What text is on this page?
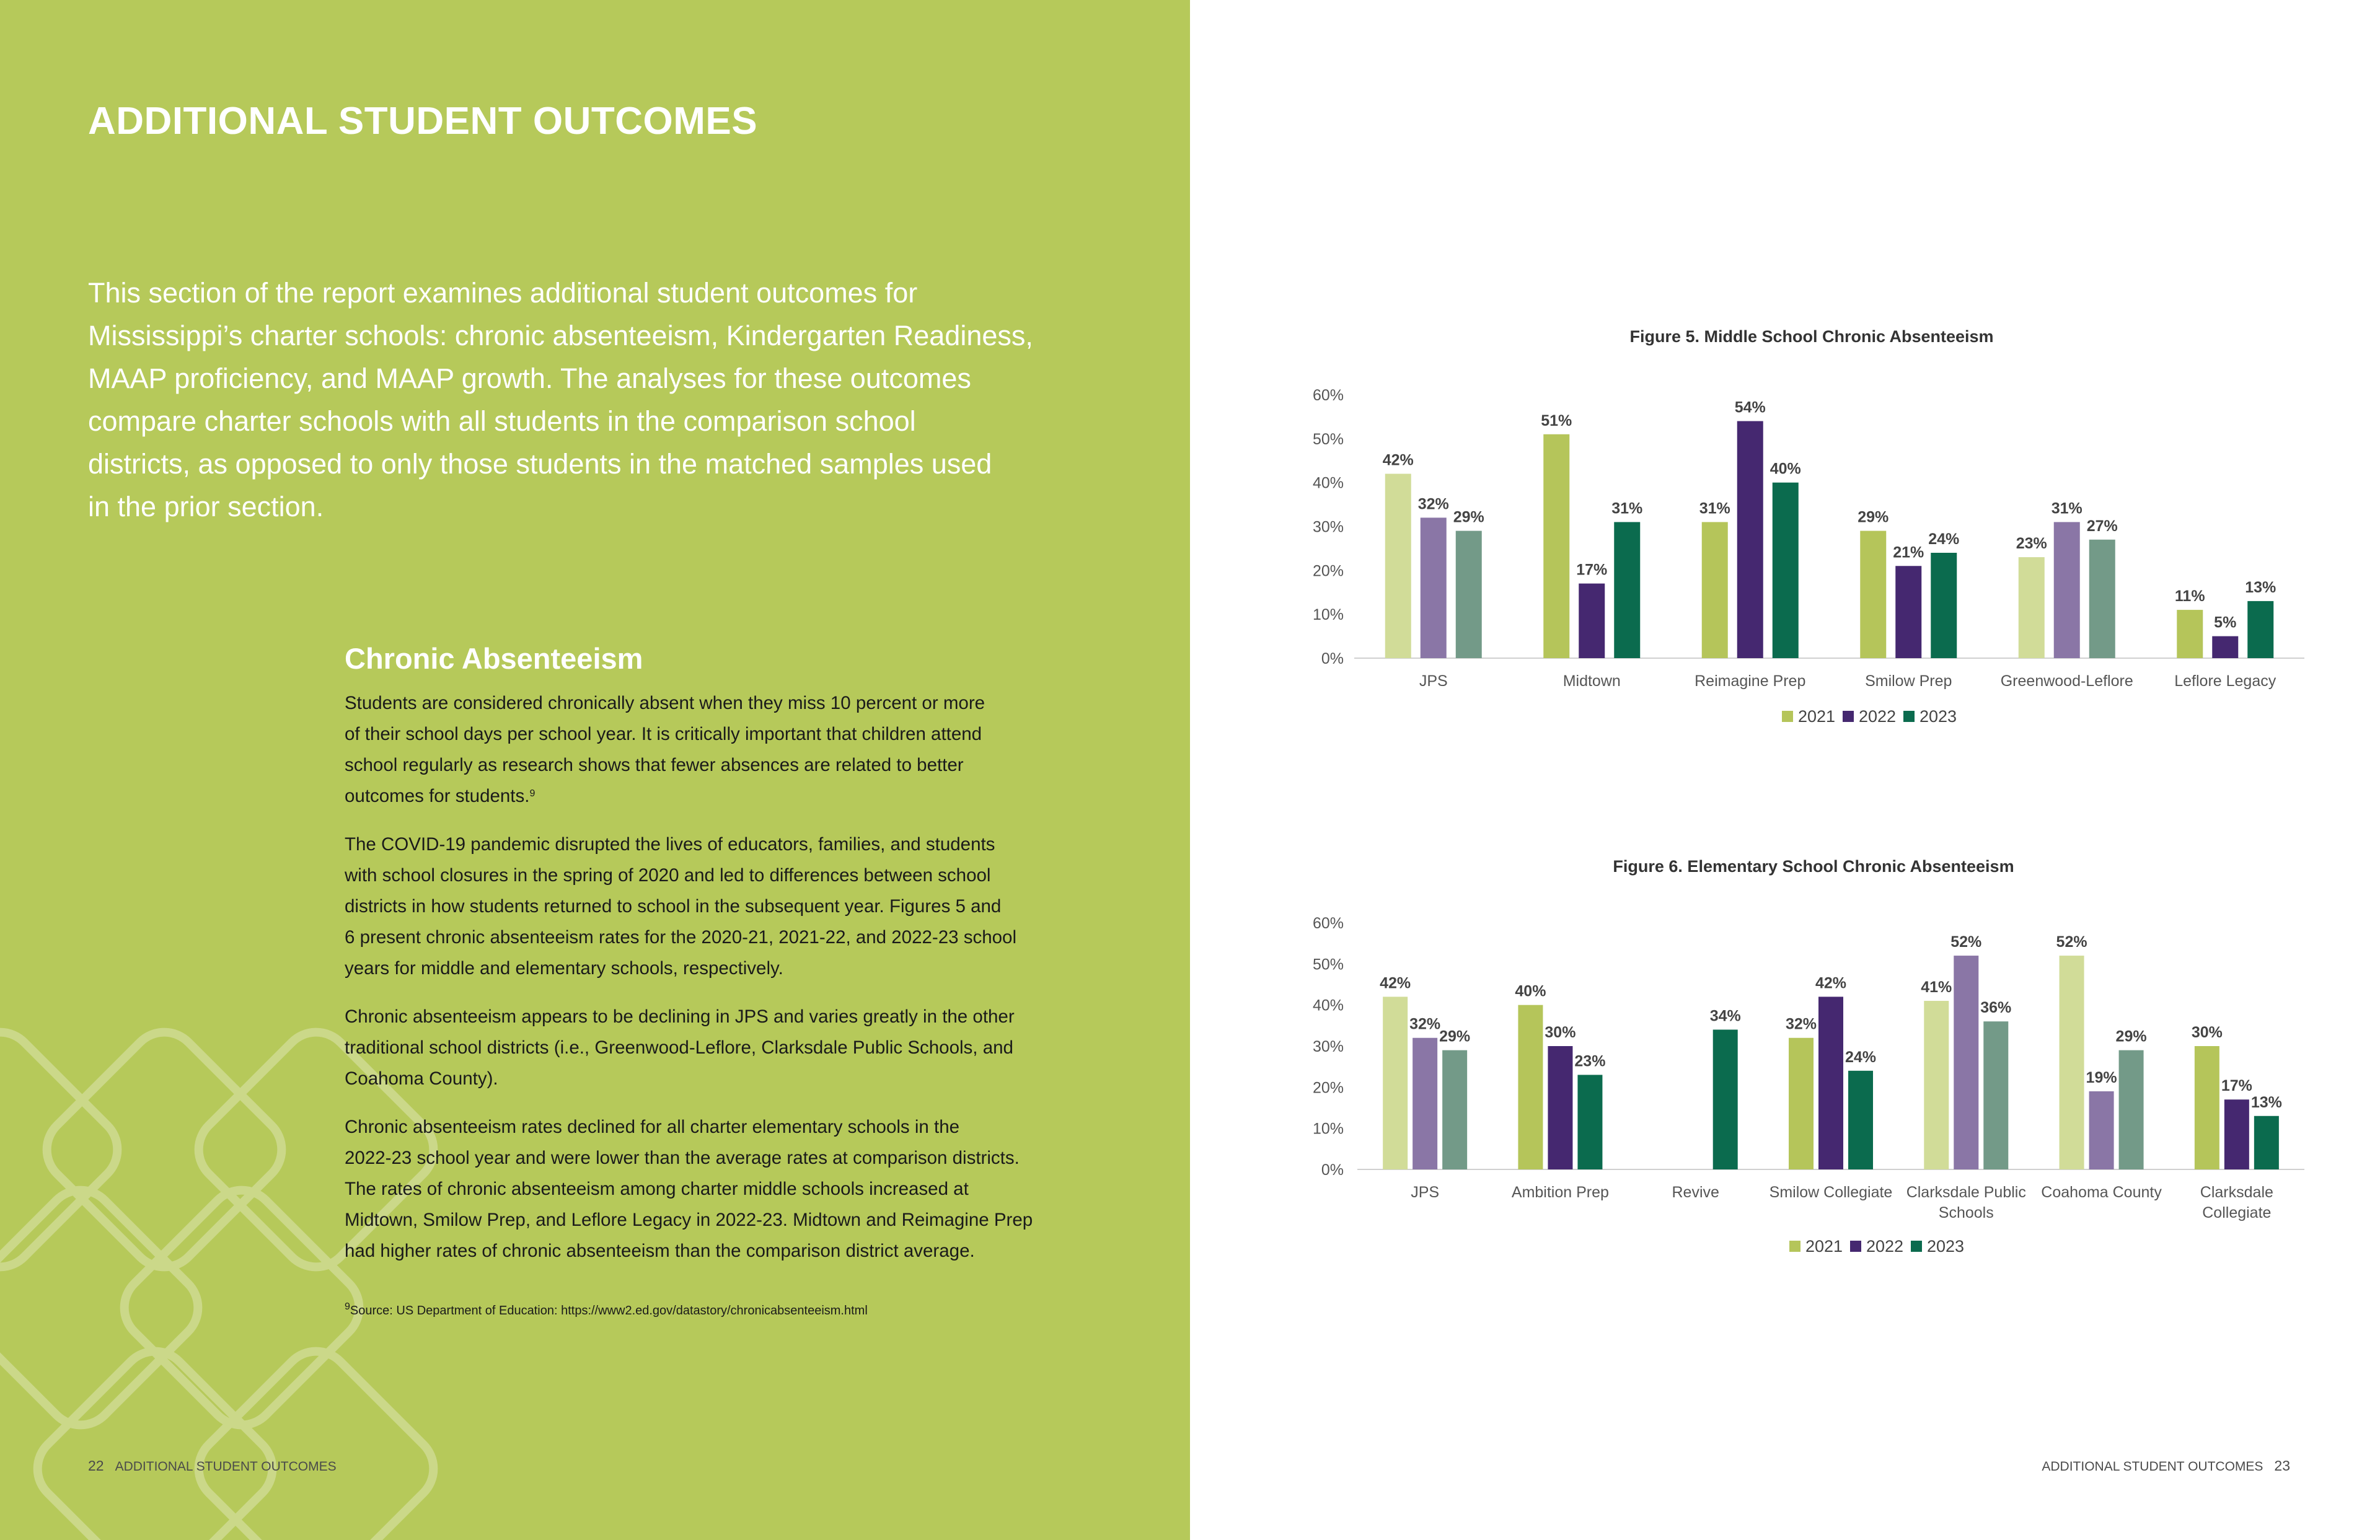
ADDITIONAL STUDENT OUTCOMES

This section of the report examines additional student outcomes for
Mississippi’s charter schools: chronic absenteeism, Kindergarten Readiness,
MAAP proficiency, and MAAP growth. The analyses for these outcomes
compare charter schools with all students in the comparison school
districts, as opposed to only those students in the matched samples used
in the prior section.

Chronic Absenteeism

Students are considered chronically absent when they miss 10 percent or more
of their school days per school year. It is critically important that children attend
school regularly as research shows that fewer absences are related to better
outcomes for students.$^9$

The COVID-19 pandemic disrupted the lives of educators, families, and students
with school closures in the spring of 2020 and led to differences between school
districts in how students returned to school in the subsequent year. Figures 5 and
6 present chronic absenteeism rates for the 2020-21, 2021-22, and 2022-23 school
years for middle and elementary schools, respectively.

Chronic absenteeism appears to be declining in JPS and varies greatly in the other
traditional school districts (i.e., Greenwood-Leflore, Clarksdale Public Schools, and
Coahoma County).

Chronic absenteeism rates declined for all charter elementary schools in the
2022-23 school year and were lower than the average rates at comparison districts.
The rates of chronic absenteeism among charter middle schools increased at
Midtown, Smilow Prep, and Leflore Legacy in 2022-23. Midtown and Reimagine Prep
had higher rates of chronic absenteeism than the comparison district average.

$^9$Source: US Department of Education: https://www2.ed.gov/datastory/chronicabsenteeism.html
22 ADDITIONAL STUDENT OUTCOMES
Figure 5. Middle School Chronic Absenteeism
0%
10%
20%
30%
40%
50%
60%
42%
32%
29%
JPS
51%
17%
31%
Midtown
31%
54%
40%
Reimagine Prep
29%
21%
24%
Smilow Prep
23%
31%
27%
Greenwood-Leflore
11%
5%
13%
Leflore Legacy
2021 2022 2023
Figure 6. Elementary School Chronic Absenteeism
0%
10%
20%
30%
40%
50%
60%
42%
32%
29%
JPS
40%
30%
23%
Ambition Prep
34%
Revive
32%
42%
24%
Smilow Collegiate
41%
52%
36%
Clarksdale Public
Schools
52%
19%
29%
Coahoma County
30%
17%
13%
Clarksdale
Collegiate
2021 2022 2023
ADDITIONAL STUDENT OUTCOMES 23
